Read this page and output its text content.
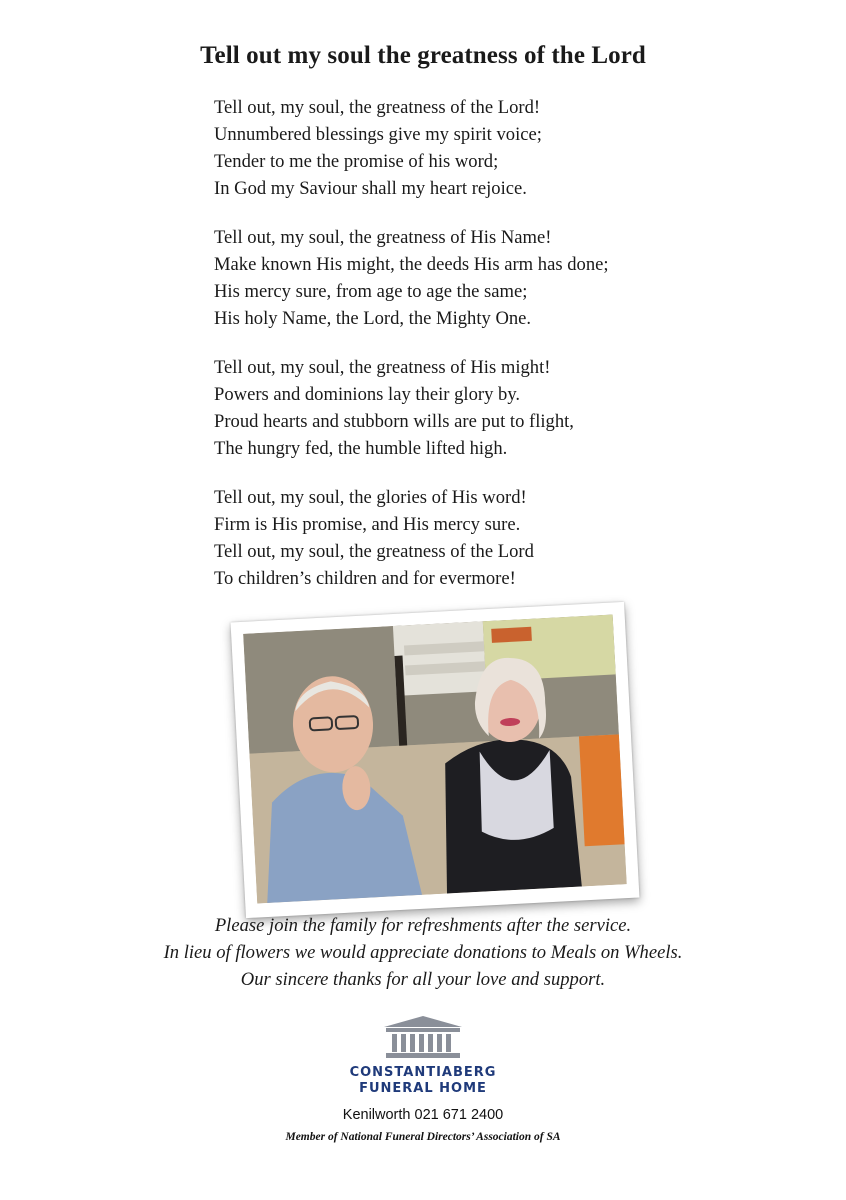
Tell out my soul the greatness of the Lord
Tell out, my soul, the greatness of the Lord!
Unnumbered blessings give my spirit voice;
Tender to me the promise of his word;
In God my Saviour shall my heart rejoice.
Tell out, my soul, the greatness of His Name!
Make known His might, the deeds His arm has done;
His mercy sure, from age to age the same;
His holy Name, the Lord, the Mighty One.
Tell out, my soul, the greatness of His might!
Powers and dominions lay their glory by.
Proud hearts and stubborn wills are put to flight,
The hungry fed, the humble lifted high.
Tell out, my soul, the glories of His word!
Firm is His promise, and His mercy sure.
Tell out, my soul, the greatness of the Lord
To children’s children and for evermore!
Please join the family for refreshments after the service.
In lieu of flowers we would appreciate donations to Meals on Wheels.
Our sincere thanks for all your love and support.
CONSTANTIABERG
FUNERAL HOME
Kenilworth 021 671 2400
Member of National Funeral Directors’ Association of SA
